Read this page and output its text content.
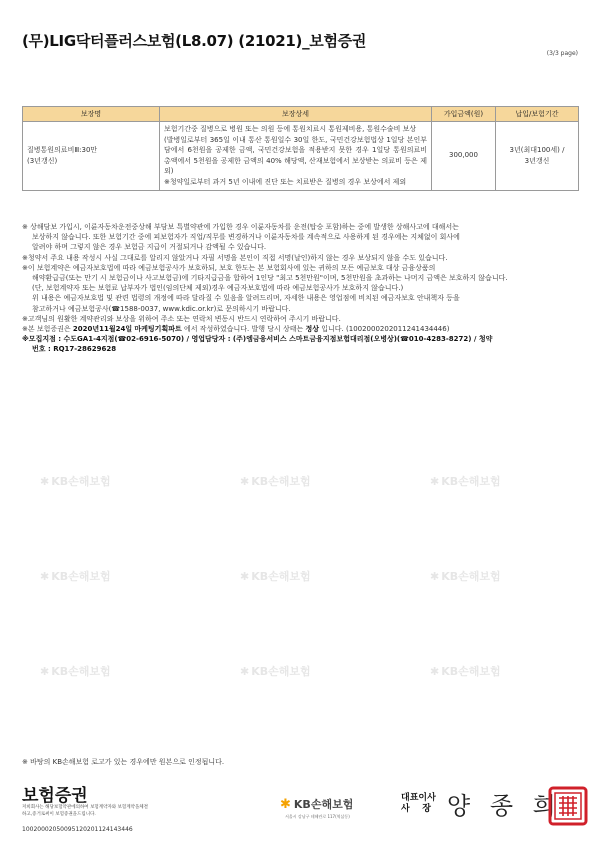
(무)LIG닥터플러스보험(L8.07) (21021)_보험증권
(3/3 page)
보장명	보장상세	가입금액(원)	납입/보험기간
질병통원의료비Ⅲ:30만
(3년갱신)	보험기간중 질병으로 병원 또는 의원 등에 통원치료시 통원제비용, 통원수술비 보상
(발병일로부터 365일 이내 통산 통원일수 30일 한도, 국민건강보험법상 1일당 본인부담에서 6천원을 공제한 금액, 국민건강보험을 적용받지 못한 경우 1일당 통원의료비 총액에서 5천원을 공제한 금액의 40% 해당액, 산재보험에서 보상받는 의료비 등은 제외)
※청약일로부터 과거 5년 이내에 진단 또는 치료받은 질병의 경우 보상에서 제외	300,000	3년(최대100세) /
3년갱신

※ 상해담보 가입시, 이륜자동차운전중상해 부담보 특별약관에 가입한 경우 이륜자동차를 운전(탑승 포함)하는 중에 발생한 상해사고에 대해서는

보상하지 않습니다. 또한 보험기간 중에 피보험자가 직업/직무를 변경하거나 이륜자동차를 계속적으로 사용하게 된 경우에는 지체없이 회사에

알려야 하며 그렇지 않은 경우 보험금 지급이 거절되거나 감액될 수 있습니다.

※청약서 주요 내용 작성시 사실 그대로를 알리지 않았거나 자필 서명을 본인이 직접 서명(날인)하지 않는 경우 보상되지 않을 수도 있습니다.

※이 보험계약은 예금자보호법에 따라 예금보험공사가 보호하되, 보호 한도는 본 보험회사에 있는 귀하의 모든 예금보호 대상 금융상품의

해약환급금(또는 만기 시 보험금이나 사고보험금)에 기타지급금을 합하여 1인당 "최고 5천만원"이며, 5천만원을 초과하는 나머지 금액은 보호하지 않습니다.

(단, 보험계약자 또는 보험료 납부자가 법인(임의단체 제외)경우 예금자보호법에 따라 예금보험공사가 보호하지 않습니다.)

위 내용은 예금자보호법 및 관련 법령의 개정에 따라 달라질 수 있음을 알려드리며, 자세한 내용은 영업점에 비치된 예금자보호 안내책자 등을

참고하거나 예금보험공사(☎1588-0037, www.kdic.or.kr)로 문의하시기 바랍니다.

※고객님의 원활한 계약관리와 보상을 위하여 주소 또는 연락처 변동시 반드시 연락하여 주시기 바랍니다.

※본 보험증권은 2020년11월24일 마케팅기획파트 에서 작성하였습니다. 발행 당시 상태는 정상 입니다. (1002000202011241434446)

※모집지점 : 수도GA1-4지점(☎02-6916-5070) / 영업담당자 : (주)엠금융서비스 스마트금융지점보험대리점(오병상)(☎010-4283-8272) / 청약

번호 : RQ17-28629628

✱ KB손해보험	✱ KB손해보험	✱ KB손해보험
✱ KB손해보험	✱ KB손해보험	✱ KB손해보험
✱ KB손해보험	✱ KB손해보험	✱ KB손해보험
※ 바탕의 KB손해보험 로고가 있는 경우에만 원본으로 인정됩니다.
보험증권
저희회사는 해당보험약관에의하여 보험계약자와 보험계약을체결하고,증거로써이 보험증권을드립니다.
1002000205009512020112414344​6
✱ KB손해보험
서울시 강남구 테헤란로 117(역삼동)
대표이사
사    장 양 종 희
